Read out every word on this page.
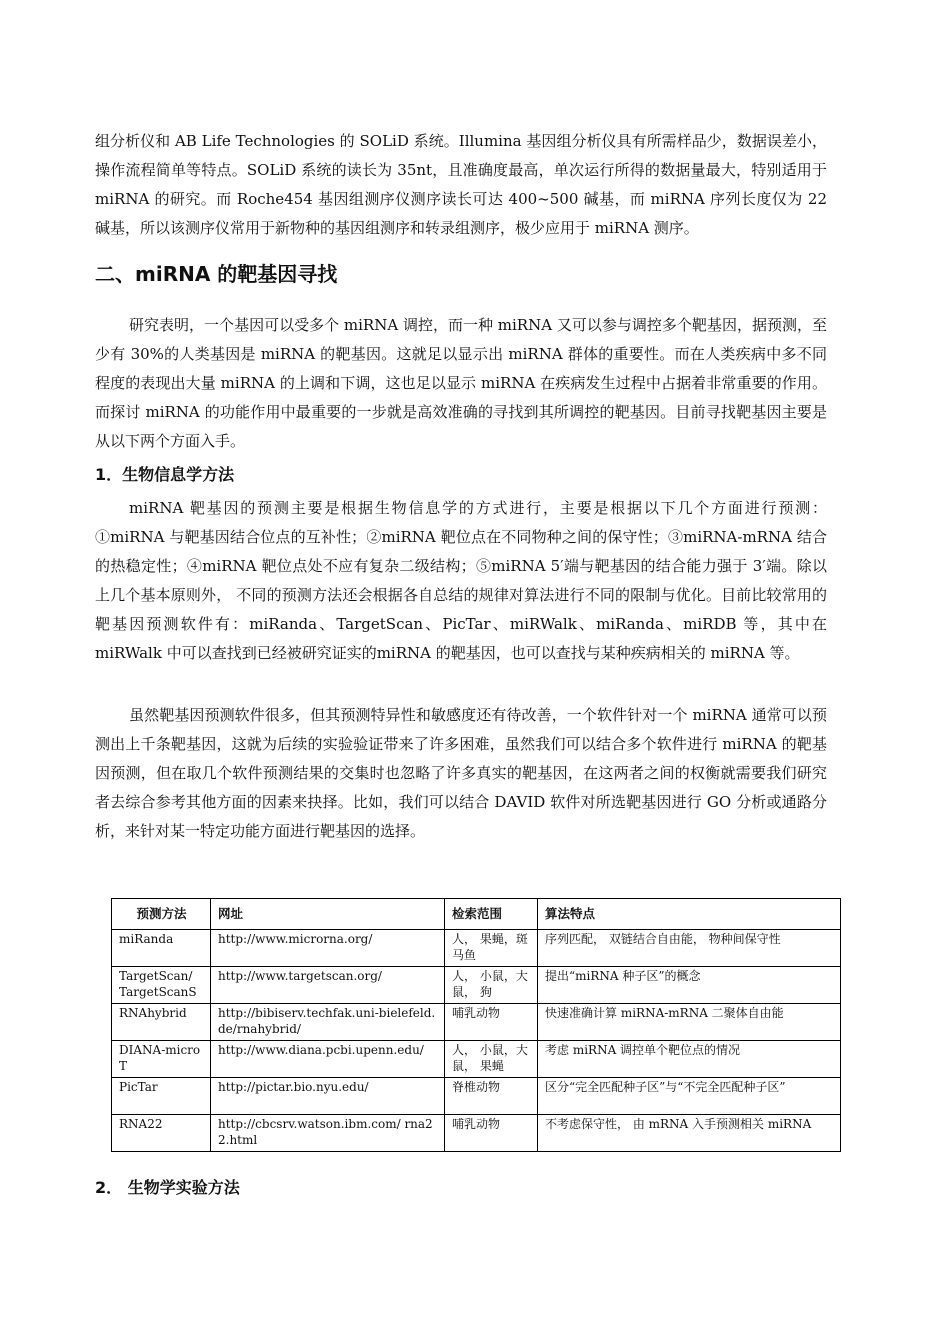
组分析仪和 AB Life Technologies 的 SOLiD 系统。Illumina 基因组分析仪具有所需样品少，数据误差小，操作流程简单等特点。SOLiD 系统的读长为 35nt，且准确度最高，单次运行所得的数据量最大，特别适用于 miRNA 的研究。而 Roche454 基因组测序仪测序读长可达 400~500 碱基，而 miRNA 序列长度仅为 22 碱基，所以该测序仪常用于新物种的基因组测序和转录组测序，极少应用于 miRNA 测序。

二、miRNA 的靶基因寻找

研究表明，一个基因可以受多个 miRNA 调控，而一种 miRNA 又可以参与调控多个靶基因，据预测，至少有 30%的人类基因是 miRNA 的靶基因。这就足以显示出 miRNA 群体的重要性。而在人类疾病中多不同程度的表现出大量 miRNA 的上调和下调，这也足以显示 miRNA 在疾病发生过程中占据着非常重要的作用。而探讨 miRNA 的功能作用中最重要的一步就是高效准确的寻找到其所调控的靶基因。目前寻找靶基因主要是从以下两个方面入手。

1．生物信息学方法

miRNA 靶基因的预测主要是根据生物信息学的方式进行，主要是根据以下几个方面进行预测：①miRNA 与靶基因结合位点的互补性；②miRNA 靶位点在不同物种之间的保守性；③miRNA-mRNA 结合的热稳定性；④miRNA 靶位点处不应有复杂二级结构；⑤miRNA 5′端与靶基因的结合能力强于 3′端。除以上几个基本原则外， 不同的预测方法还会根据各自总结的规律对算法进行不同的限制与优化。目前比较常用的靶基因预测软件有：miRanda、TargetScan、PicTar、miRWalk、miRanda、miRDB 等，其中在 miRWalk 中可以查找到已经被研究证实的miRNA 的靶基因，也可以查找与某种疾病相关的 miRNA 等。

虽然靶基因预测软件很多，但其预测特异性和敏感度还有待改善，一个软件针对一个 miRNA 通常可以预测出上千条靶基因，这就为后续的实验验证带来了许多困难，虽然我们可以结合多个软件进行 miRNA 的靶基因预测，但在取几个软件预测结果的交集时也忽略了许多真实的靶基因，在这两者之间的权衡就需要我们研究者去综合参考其他方面的因素来抉择。比如，我们可以结合 DAVID 软件对所选靶基因进行 GO 分析或通路分析，来针对某一特定功能方面进行靶基因的选择。

预测方法	网址	检索范围	算法特点
miRanda	http://www.microrna.org/	人， 果蝇，斑马鱼	序列匹配， 双链结合自由能， 物种间保守性
TargetScan/ TargetScanS	http://www.targetscan.org/	人， 小鼠，大鼠， 狗	提出“miRNA 种子区”的概念
RNAhybrid	http://bibiserv.techfak.uni-bielefeld.de/rnahybrid/	哺乳动物	快速准确计算 miRNA-mRNA 二聚体自由能
DIANA-microT	http://www.diana.pcbi.upenn.edu/	人， 小鼠，大鼠， 果蝇	考虑 miRNA 调控单个靶位点的情况
PicTar	http://pictar.bio.nyu.edu/	脊椎动物	区分“完全匹配种子区”与“不完全匹配种子区”
RNA22	http://cbcsrv.watson.ibm.com/ rna22.html	哺乳动物	不考虑保守性， 由 mRNA 入手预测相关 miRNA
2． 生物学实验方法
